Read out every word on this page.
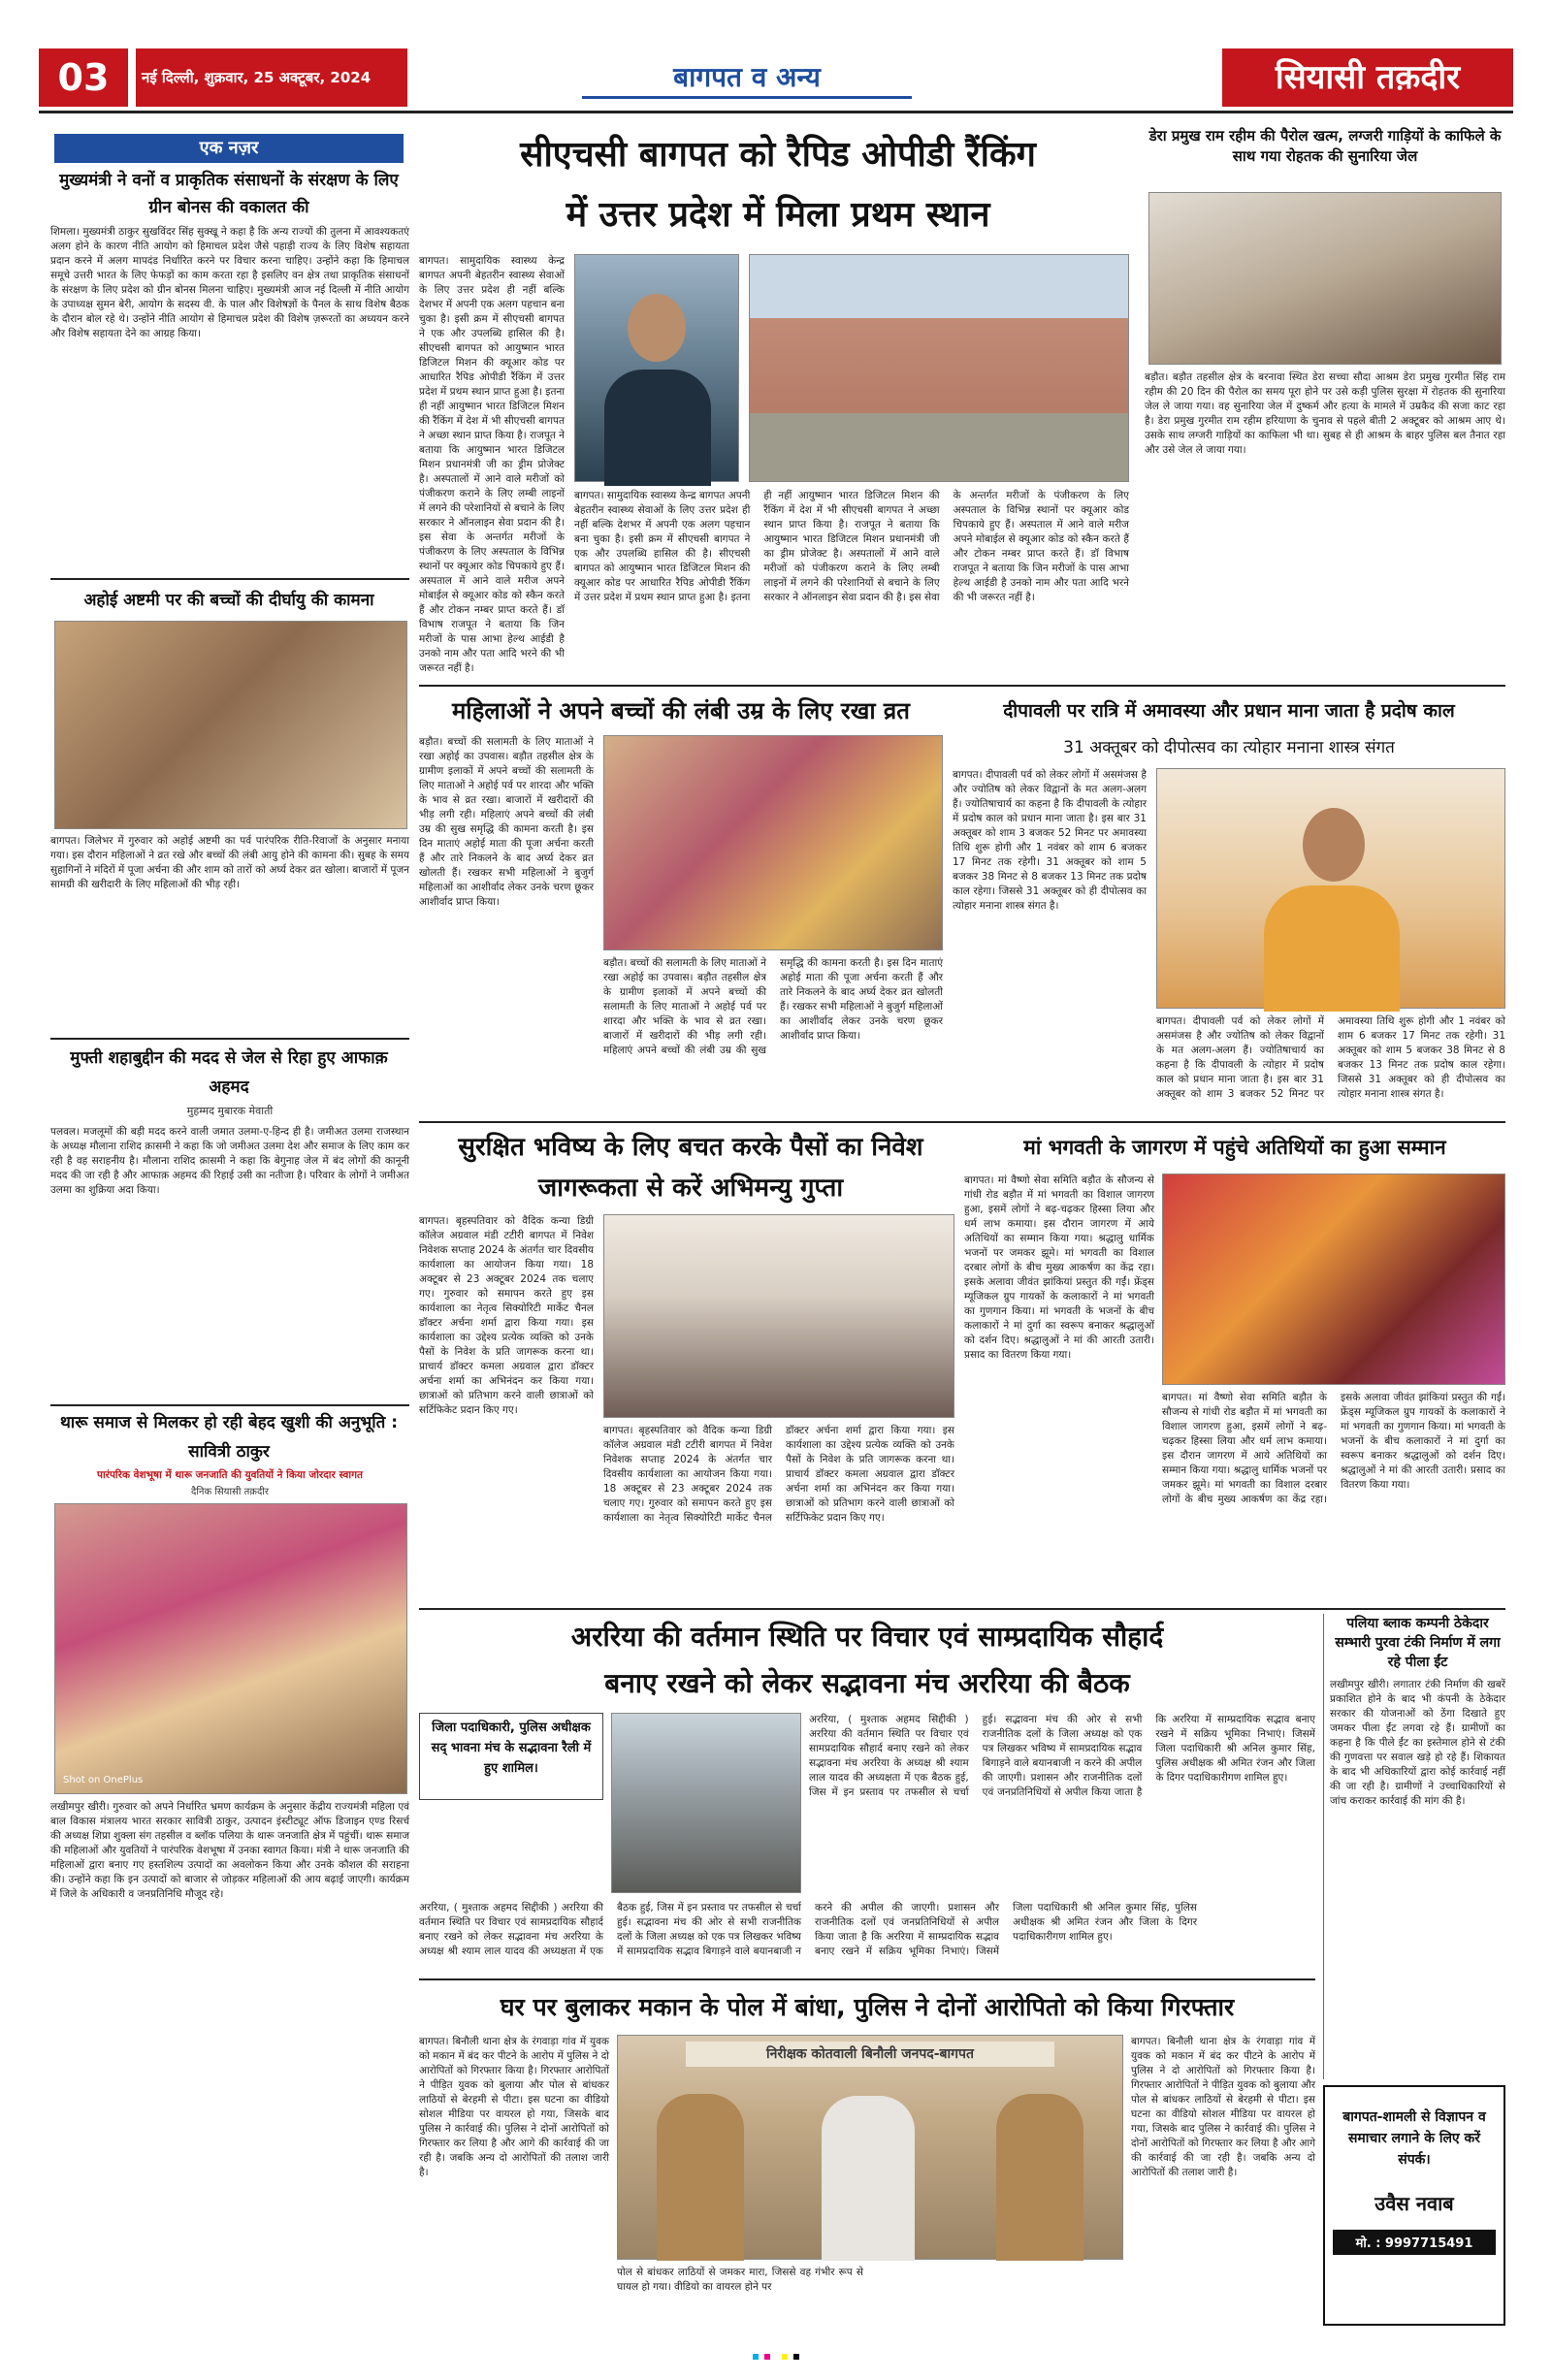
03	नई दिल्ली, शुक्रवार, 25 अक्टूबर, 2024	बागपत व अन्य	सियासी तक़दीर
एक नज़र
मुख्यमंत्री ने वनों व प्राकृतिक संसाधनों के संरक्षण के लिए ग्रीन बोनस की वकालत की
शिमला। मुख्यमंत्री ठाकुर सुखविंदर सिंह सुक्खू ने कहा है कि अन्य राज्यों की तुलना में आवश्यकतएं अलग होने के कारण नीति आयोग को हिमाचल प्रदेश जैसे पहाड़ी राज्य के लिए विशेष सहायता प्रदान करने में अलग मापदंड निर्धारित करने पर विचार करना चाहिए। उन्होंने कहा कि हिमाचल समूचे उत्तरी भारत के लिए फेफड़ों का काम करता रहा है इसलिए वन क्षेत्र तथा प्राकृतिक संसाधनों के संरक्षण के लिए प्रदेश को ग्रीन बोनस मिलना चाहिए। मुख्यमंत्री आज नई दिल्ली में नीति आयोग के उपाध्यक्ष सुमन बेरी, आयोग के सदस्य वी. के पाल और विशेषज्ञों के पैनल के साथ विशेष बैठक के दौरान बोल रहे थे। उन्होंने नीति आयोग से हिमाचल प्रदेश की विशेष ज़रूरतों का अध्ययन करने और विशेष सहायता देने का आग्रह किया।
अहोई अष्टमी पर की बच्चों की दीर्घायु की कामना
बागपत। जिलेभर में गुरुवार को अहोई अष्टमी का पर्व पारंपरिक रीति-रिवाजों के अनुसार मनाया गया। इस दौरान महिलाओं ने व्रत रखे और बच्चों की लंबी आयु होने की कामना की। सुबह के समय सुहागिनों ने मंदिरों में पूजा अर्चना की और शाम को तारों को अर्घ्य देकर व्रत खोला। बाजारों में पूजन सामग्री की खरीदारी के लिए महिलाओं की भीड़ रही।
मुफ्ती शहाबुद्दीन की मदद से जेल से रिहा हुए आफाक़ अहमद
मुहम्मद मुबारक मेवाती
पलवल। मजलूमों की बड़ी मदद करने वाली जमात उलमा-ए-हिन्द ही है। जमीअत उलमा राजस्थान के अध्यक्ष मौलाना राशिद क़ासमी ने कहा कि जो जमीअत उलमा देश और समाज के लिए काम कर रही है वह सराहनीय है। मौलाना राशिद क़ासमी ने कहा कि बेगुनाह जेल में बंद लोगों की कानूनी मदद की जा रही है और आफाक़ अहमद की रिहाई उसी का नतीजा है। परिवार के लोगों ने जमीअत उलमा का शुक्रिया अदा किया।
थारू समाज से मिलकर हो रही बेहद खुशी की अनुभूति : सावित्री ठाकुर
पारंपरिक वेशभूषा में थारू जनजाति की युवतियों ने किया जोरदार स्वागत
दैनिक सियासी तक़दीर
सीएचसी बागपत को रैपिड ओपीडी रैंकिंग
में उत्तर प्रदेश में मिला प्रथम स्थान
बागपत। सामुदायिक स्वास्थ्य केन्द्र बागपत अपनी बेहतरीन स्वास्थ्य सेवाओं के लिए उत्तर प्रदेश ही नहीं बल्कि देशभर में अपनी एक अलग पहचान बना चुका है। इसी क्रम में सीएचसी बागपत ने एक और उपलब्धि हासिल की है। सीएचसी बागपत को आयुष्मान भारत डिजिटल मिशन की क्यूआर कोड पर आधारित रैपिड ओपीडी रैंकिंग में उत्तर प्रदेश में प्रथम स्थान प्राप्त हुआ है। इतना ही नहीं आयुष्मान भारत डिजिटल मिशन की रैंकिंग में देश में भी सीएचसी बागपत ने अच्छा स्थान प्राप्त किया है। राजपूत ने बताया कि आयुष्मान भारत डिजिटल मिशन प्रधानमंत्री जी का ड्रीम प्रोजेक्ट है। अस्पतालों में आने वाले मरीजों को पंजीकरण कराने के लिए लम्बी लाइनों में लगने की परेशानियों से बचाने के लिए सरकार ने ऑनलाइन सेवा प्रदान की है। इस सेवा के अन्तर्गत मरीजों के पंजीकरण के लिए अस्पताल के विभिन्न स्थानों पर क्यूआर कोड चिपकाये हुए हैं। अस्पताल में आने वाले मरीज अपने मोबाईल से क्यूआर कोड को स्कैन करते हैं और टोकन नम्बर प्राप्त करते हैं। डॉ विभाष राजपूत ने बताया कि जिन मरीजों के पास आभा हेल्थ आईडी है उनको नाम और पता आदि भरने की भी जरूरत नहीं है।
बागपत। सामुदायिक स्वास्थ्य केन्द्र बागपत अपनी बेहतरीन स्वास्थ्य सेवाओं के लिए उत्तर प्रदेश ही नहीं बल्कि देशभर में अपनी एक अलग पहचान बना चुका है। इसी क्रम में सीएचसी बागपत ने एक और उपलब्धि हासिल की है। सीएचसी बागपत को आयुष्मान भारत डिजिटल मिशन की क्यूआर कोड पर आधारित रैपिड ओपीडी रैंकिंग में उत्तर प्रदेश में प्रथम स्थान प्राप्त हुआ है। इतना ही नहीं आयुष्मान भारत डिजिटल मिशन की रैंकिंग में देश में भी सीएचसी बागपत ने अच्छा स्थान प्राप्त किया है। राजपूत ने बताया कि आयुष्मान भारत डिजिटल मिशन प्रधानमंत्री जी का ड्रीम प्रोजेक्ट है। अस्पतालों में आने वाले मरीजों को पंजीकरण कराने के लिए लम्बी लाइनों में लगने की परेशानियों से बचाने के लिए सरकार ने ऑनलाइन सेवा प्रदान की है। इस सेवा के अन्तर्गत मरीजों के पंजीकरण के लिए अस्पताल के विभिन्न स्थानों पर क्यूआर कोड चिपकाये हुए हैं। अस्पताल में आने वाले मरीज अपने मोबाईल से क्यूआर कोड को स्कैन करते हैं और टोकन नम्बर प्राप्त करते हैं। डॉ विभाष राजपूत ने बताया कि जिन मरीजों के पास आभा हेल्थ आईडी है उनको नाम और पता आदि भरने की भी जरूरत नहीं है।
डेरा प्रमुख राम रहीम की पैरोल खत्म, लग्जरी गाड़ियों के काफिले के साथ गया रोहतक की सुनारिया जेल
बड़ौत। बड़ौत तहसील क्षेत्र के बरनावा स्थित डेरा सच्चा सौदा आश्रम डेरा प्रमुख गुरमीत सिंह राम रहीम की 20 दिन की पैरोल का समय पूरा होने पर उसे कड़ी पुलिस सुरक्षा में रोहतक की सुनारिया जेल ले जाया गया। वह सुनारिया जेल में दुष्कर्म और हत्या के मामले में उम्रकैद की सजा काट रहा है। डेरा प्रमुख गुरमीत राम रहीम हरियाणा के चुनाव से पहले बीती 2 अक्टूबर को आश्रम आए थे। उसके साथ लग्जरी गाड़ियों का काफिला भी था। सुबह से ही आश्रम के बाहर पुलिस बल तैनात रहा और उसे जेल ले जाया गया।
महिलाओं ने अपने बच्चों की लंबी उम्र के लिए रखा व्रत
बड़ौत। बच्चों की सलामती के लिए माताओं ने रखा अहोई का उपवास। बड़ौत तहसील क्षेत्र के ग्रामीण इलाकों में अपने बच्चों की सलामती के लिए माताओं ने अहोई पर्व पर शारदा और भक्ति के भाव से व्रत रखा। बाजारों में खरीदारों की भीड़ लगी रही। महिलाएं अपने बच्चों की लंबी उम्र की सुख समृद्धि की कामना करती है। इस दिन माताएं अहोई माता की पूजा अर्चना करती हैं और तारे निकलने के बाद अर्घ्य देकर व्रत खोलती हैं। रखकर सभी महिलाओं ने बुजुर्ग महिलाओं का आशीर्वाद लेकर उनके चरण छूकर आशीर्वाद प्राप्त किया।
बड़ौत। बच्चों की सलामती के लिए माताओं ने रखा अहोई का उपवास। बड़ौत तहसील क्षेत्र के ग्रामीण इलाकों में अपने बच्चों की सलामती के लिए माताओं ने अहोई पर्व पर शारदा और भक्ति के भाव से व्रत रखा। बाजारों में खरीदारों की भीड़ लगी रही। महिलाएं अपने बच्चों की लंबी उम्र की सुख समृद्धि की कामना करती है। इस दिन माताएं अहोई माता की पूजा अर्चना करती हैं और तारे निकलने के बाद अर्घ्य देकर व्रत खोलती हैं। रखकर सभी महिलाओं ने बुजुर्ग महिलाओं का आशीर्वाद लेकर उनके चरण छूकर आशीर्वाद प्राप्त किया।
दीपावली पर रात्रि में अमावस्या और प्रधान माना जाता है प्रदोष काल
31 अक्तूबर को दीपोत्सव का त्योहार मनाना शास्त्र संगत
बागपत। दीपावली पर्व को लेकर लोगों में असमंजस है और ज्योतिष को लेकर विद्वानों के मत अलग-अलग हैं। ज्योतिषाचार्य का कहना है कि दीपावली के त्योहार में प्रदोष काल को प्रधान माना जाता है। इस बार 31 अक्तूबर को शाम 3 बजकर 52 मिनट पर अमावस्या तिथि शुरू होगी और 1 नवंबर को शाम 6 बजकर 17 मिनट तक रहेगी। 31 अक्तूबर को शाम 5 बजकर 38 मिनट से 8 बजकर 13 मिनट तक प्रदोष काल रहेगा। जिससे 31 अक्तूबर को ही दीपोत्सव का त्योहार मनाना शास्त्र संगत है।
बागपत। दीपावली पर्व को लेकर लोगों में असमंजस है और ज्योतिष को लेकर विद्वानों के मत अलग-अलग हैं। ज्योतिषाचार्य का कहना है कि दीपावली के त्योहार में प्रदोष काल को प्रधान माना जाता है। इस बार 31 अक्तूबर को शाम 3 बजकर 52 मिनट पर अमावस्या तिथि शुरू होगी और 1 नवंबर को शाम 6 बजकर 17 मिनट तक रहेगी। 31 अक्तूबर को शाम 5 बजकर 38 मिनट से 8 बजकर 13 मिनट तक प्रदोष काल रहेगा। जिससे 31 अक्तूबर को ही दीपोत्सव का त्योहार मनाना शास्त्र संगत है।
सुरक्षित भविष्य के लिए बचत करके पैसों का निवेश जागरूकता से करें अभिमन्यु गुप्ता
बागपत। बृहस्पतिवार को वैदिक कन्या डिग्री कॉलेज अग्रवाल मंडी टटीरी बागपत में निवेश निवेशक सप्ताह 2024 के अंतर्गत चार दिवसीय कार्यशाला का आयोजन किया गया। 18 अक्टूबर से 23 अक्टूबर 2024 तक चलाए गए। गुरुवार को समापन करते हुए इस कार्यशाला का नेतृत्व सिक्योरिटी मार्केट चैनल डॉक्टर अर्चना शर्मा द्वारा किया गया। इस कार्यशाला का उद्देश्य प्रत्येक व्यक्ति को उनके पैसों के निवेश के प्रति जागरूक करना था। प्राचार्य डॉक्टर कमला अग्रवाल द्वारा डॉक्टर अर्चना शर्मा का अभिनंदन कर किया गया। छात्राओं को प्रतिभाग करने वाली छात्राओं को सर्टिफिकेट प्रदान किए गए।
बागपत। बृहस्पतिवार को वैदिक कन्या डिग्री कॉलेज अग्रवाल मंडी टटीरी बागपत में निवेश निवेशक सप्ताह 2024 के अंतर्गत चार दिवसीय कार्यशाला का आयोजन किया गया। 18 अक्टूबर से 23 अक्टूबर 2024 तक चलाए गए। गुरुवार को समापन करते हुए इस कार्यशाला का नेतृत्व सिक्योरिटी मार्केट चैनल डॉक्टर अर्चना शर्मा द्वारा किया गया। इस कार्यशाला का उद्देश्य प्रत्येक व्यक्ति को उनके पैसों के निवेश के प्रति जागरूक करना था। प्राचार्य डॉक्टर कमला अग्रवाल द्वारा डॉक्टर अर्चना शर्मा का अभिनंदन कर किया गया। छात्राओं को प्रतिभाग करने वाली छात्राओं को सर्टिफिकेट प्रदान किए गए।
मां भगवती के जागरण में पहुंचे अतिथियों का हुआ सम्मान
बागपत। मां वैष्णो सेवा समिति बड़ौत के सौजन्य से गांधी रोड बड़ौत में मां भगवती का विशाल जागरण हुआ, इसमें लोगों ने बढ़-चढ़कर हिस्सा लिया और धर्म लाभ कमाया। इस दौरान जागरण में आये अतिथियों का सम्मान किया गया। श्रद्धालु धार्मिक भजनों पर जमकर झूमे। मां भगवती का विशाल दरबार लोगों के बीच मुख्य आकर्षण का केंद्र रहा। इसके अलावा जीवंत झांकियां प्रस्तुत की गईं। फ्रेंड्स म्यूजिकल ग्रुप गायकों के कलाकारों ने मां भगवती का गुणगान किया। मां भगवती के भजनों के बीच कलाकारों ने मां दुर्गा का स्वरूप बनाकर श्रद्धालुओं को दर्शन दिए। श्रद्धालुओं ने मां की आरती उतारी। प्रसाद का वितरण किया गया।
बागपत। मां वैष्णो सेवा समिति बड़ौत के सौजन्य से गांधी रोड बड़ौत में मां भगवती का विशाल जागरण हुआ, इसमें लोगों ने बढ़-चढ़कर हिस्सा लिया और धर्म लाभ कमाया। इस दौरान जागरण में आये अतिथियों का सम्मान किया गया। श्रद्धालु धार्मिक भजनों पर जमकर झूमे। मां भगवती का विशाल दरबार लोगों के बीच मुख्य आकर्षण का केंद्र रहा। इसके अलावा जीवंत झांकियां प्रस्तुत की गईं। फ्रेंड्स म्यूजिकल ग्रुप गायकों के कलाकारों ने मां भगवती का गुणगान किया। मां भगवती के भजनों के बीच कलाकारों ने मां दुर्गा का स्वरूप बनाकर श्रद्धालुओं को दर्शन दिए। श्रद्धालुओं ने मां की आरती उतारी। प्रसाद का वितरण किया गया।
Shot on OnePlus
लखीमपुर खीरी। गुरुवार को अपने निर्धारित भ्रमण कार्यक्रम के अनुसार केंद्रीय राज्यमंत्री महिला एवं बाल विकास मंत्रालय भारत सरकार सावित्री ठाकुर, उत्पादन इंस्टीट्यूट ऑफ डिजाइन एण्ड रिसर्च की अध्यक्ष शिप्रा शुक्ला संग तहसील व ब्लॉक पलिया के थारू जनजाति क्षेत्र में पहुंचीं। थारू समाज की महिलाओं और युवतियों ने पारंपरिक वेशभूषा में उनका स्वागत किया। मंत्री ने थारू जनजाति की महिलाओं द्वारा बनाए गए हस्तशिल्प उत्पादों का अवलोकन किया और उनके कौशल की सराहना की। उन्होंने कहा कि इन उत्पादों को बाजार से जोड़कर महिलाओं की आय बढ़ाई जाएगी। कार्यक्रम में जिले के अधिकारी व जनप्रतिनिधि मौजूद रहे।
अररिया की वर्तमान स्थिति पर विचार एवं साम्प्रदायिक सौहार्द
बनाए रखने को लेकर सद्भावना मंच अररिया की बैठक
जिला पदाधिकारी, पुलिस अधीक्षक सद् भावना मंच के सद्भावना रैली में हुए शामिल।
अररिया, ( मुश्ताक अहमद सिद्दीकी ) अररिया की वर्तमान स्थिति पर विचार एवं सामप्रदायिक सौहार्द बनाए रखने को लेकर सद्भावना मंच अररिया के अध्यक्ष श्री श्याम लाल यादव की अध्यक्षता में एक बैठक हुई, जिस में इन प्रस्ताव पर तफसील से चर्चा हुई। सद्भावना मंच की ओर से सभी राजनीतिक दलों के जिला अध्यक्ष को एक पत्र लिखकर भविष्य में सामप्रदायिक सद्भाव बिगाड़ने वाले बयानबाजी न करने की अपील की जाएगी। प्रशासन और राजनीतिक दलों एवं जनप्रतिनिधियों से अपील किया जाता है कि अररिया में साम्प्रदायिक सद्भाव बनाए रखने में सक्रिय भूमिका निभाएं। जिसमें जिला पदाधिकारी श्री अनिल कुमार सिंह, पुलिस अधीक्षक श्री अमित रंजन और जिला के दिगर पदाधिकारीगण शामिल हुए।
अररिया, ( मुश्ताक अहमद सिद्दीकी ) अररिया की वर्तमान स्थिति पर विचार एवं सामप्रदायिक सौहार्द बनाए रखने को लेकर सद्भावना मंच अररिया के अध्यक्ष श्री श्याम लाल यादव की अध्यक्षता में एक बैठक हुई, जिस में इन प्रस्ताव पर तफसील से चर्चा हुई। सद्भावना मंच की ओर से सभी राजनीतिक दलों के जिला अध्यक्ष को एक पत्र लिखकर भविष्य में सामप्रदायिक सद्भाव बिगाड़ने वाले बयानबाजी न करने की अपील की जाएगी। प्रशासन और राजनीतिक दलों एवं जनप्रतिनिधियों से अपील किया जाता है कि अररिया में साम्प्रदायिक सद्भाव बनाए रखने में सक्रिय भूमिका निभाएं। जिसमें जिला पदाधिकारी श्री अनिल कुमार सिंह, पुलिस अधीक्षक श्री अमित रंजन और जिला के दिगर पदाधिकारीगण शामिल हुए।
पलिया ब्लाक कम्पनी ठेकेदार सम्भारी पुरवा टंकी निर्माण में लगा रहे पीला ईंट
लखीमपुर खीरी। लगातार टंकी निर्माण की खबरें प्रकाशित होने के बाद भी कंपनी के ठेकेदार सरकार की योजनाओं को ठेंगा दिखाते हुए जमकर पीला ईंट लगवा रहे हैं। ग्रामीणों का कहना है कि पीले ईंट का इस्तेमाल होने से टंकी की गुणवत्ता पर सवाल खड़े हो रहे हैं। शिकायत के बाद भी अधिकारियों द्वारा कोई कार्रवाई नहीं की जा रही है। ग्रामीणों ने उच्चाधिकारियों से जांच कराकर कार्रवाई की मांग की है।
घर पर बुलाकर मकान के पोल में बांधा, पुलिस ने दोनों आरोपितो को किया गिरफ्तार
बागपत। बिनौली थाना क्षेत्र के रंगवाड़ा गांव में युवक को मकान में बंद कर पीटने के आरोप में पुलिस ने दो आरोपितों को गिरफ्तार किया है। गिरफ्तार आरोपितों ने पीड़ित युवक को बुलाया और पोल से बांधकर लाठियों से बेरहमी से पीटा। इस घटना का वीडियो सोशल मीडिया पर वायरल हो गया, जिसके बाद पुलिस ने कार्रवाई की। पुलिस ने दोनों आरोपितों को गिरफ्तार कर लिया है और आगे की कार्रवाई की जा रही है। जबकि अन्य दो आरोपितों की तलाश जारी है।
निरीक्षक कोतवाली बिनौली जनपद-बागपत
पोल से बांधकर लाठियों से जमकर मारा, जिससे वह गंभीर रूप से घायल हो गया। वीडियो का वायरल होने पर
बागपत। बिनौली थाना क्षेत्र के रंगवाड़ा गांव में युवक को मकान में बंद कर पीटने के आरोप में पुलिस ने दो आरोपितों को गिरफ्तार किया है। गिरफ्तार आरोपितों ने पीड़ित युवक को बुलाया और पोल से बांधकर लाठियों से बेरहमी से पीटा। इस घटना का वीडियो सोशल मीडिया पर वायरल हो गया, जिसके बाद पुलिस ने कार्रवाई की। पुलिस ने दोनों आरोपितों को गिरफ्तार कर लिया है और आगे की कार्रवाई की जा रही है। जबकि अन्य दो आरोपितों की तलाश जारी है।
बागपत-शामली से विज्ञापन व समाचार लगाने के लिए करें संपर्क।
उवैस नवाब
मो. : 9997715491
